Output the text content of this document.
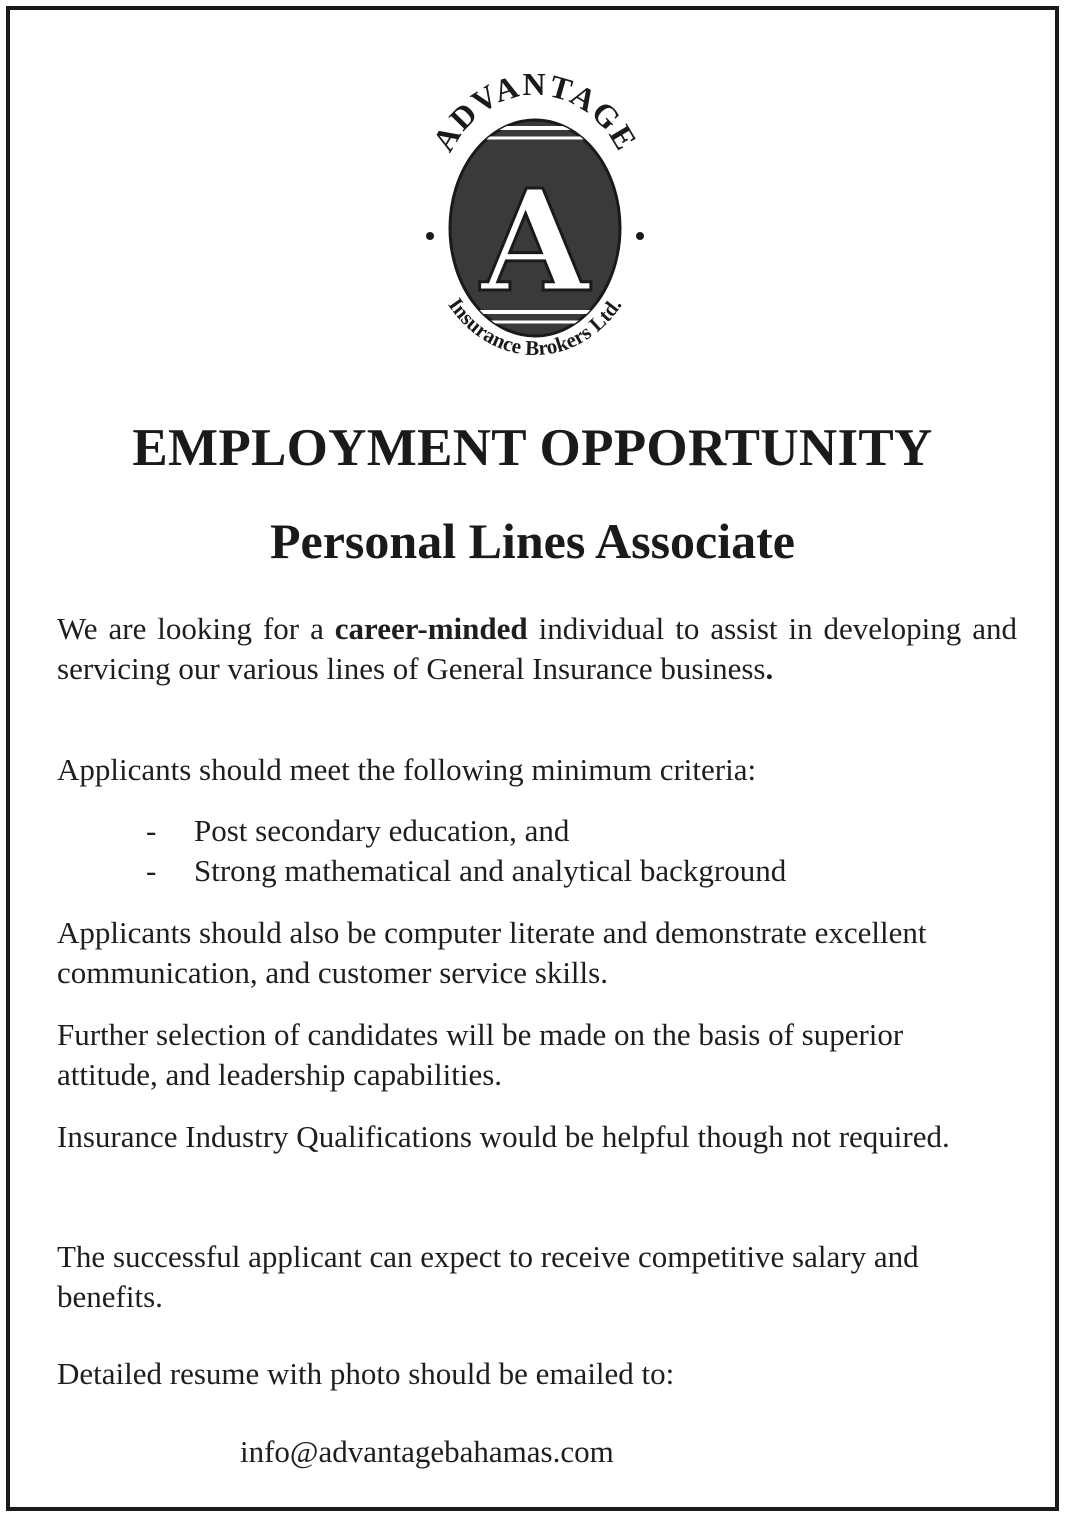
A
ADVANTAGE
Insurance Brokers Ltd.
EMPLOYMENT OPPORTUNITY
Personal Lines Associate

We are looking for a career-minded individual to assist in developing and servicing our various lines of General Insurance business.

Applicants should meet the following minimum criteria:

- Post secondary education, and
- Strong mathematical and analytical background

Applicants should also be computer literate and demonstrate excellent communication, and customer service skills.

Further selection of candidates will be made on the basis of superior attitude, and leadership capabilities.

Insurance Industry Qualifications would be helpful though not required.

The successful applicant can expect to receive competitive salary and benefits.

Detailed resume with photo should be emailed to:

info@advantagebahamas.com
